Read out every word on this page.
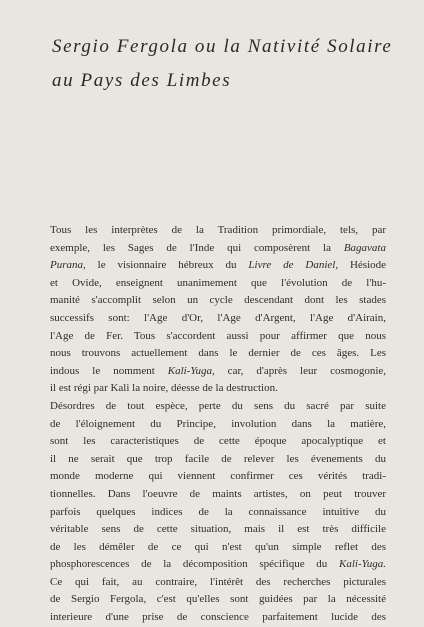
Sergio Fergola ou la Nativité Solaire
au Pays des Limbes
Tous les interprètes de la Tradition primordiale, tels, par
exemple, les Sages de l'Inde qui composèrent la Bagavata
Purana, le visionnaire hébreux du Livre de Daniel, Hésiode
et Ovide, enseignent unanimement que l'évolution de l'hu-
manité s'accomplit selon un cycle descendant dont les stades
successifs sont: l'Age d'Or, l'Age d'Argent, l'Age d'Airain,
l'Age de Fer. Tous s'accordent aussi pour affirmer que nous
nous trouvons actuellement dans le dernier de ces âges. Les
indous le nomment Kali-Yuga, car, d'après leur cosmogonie,
il est régi par Kali la noire, déesse de la destruction.
Désordres de tout espèce, perte du sens du sacré par suite
de l'éloignement du Principe, involution dans la matière,
sont les caracteristiques de cette époque apocalyptique et
il ne serait que trop facile de relever les évenements du
monde moderne qui viennent confirmer ces vérités tradi-
tionnelles. Dans l'oeuvre de maints artistes, on peut trouver
parfois quelques indices de la connaissance intuitive du
véritable sens de cette situation, mais il est très difficile
de les démêler de ce qui n'est qu'un simple reflet des
phosphorescences de la décomposition spécifique du Kali-Yuga.
Ce qui fait, au contraire, l'intérêt des recherches picturales
de Sergio Fergola, c'est qu'elles sont guidées par la nécessité
interieure d'une prise de conscience parfaitement lucide des
